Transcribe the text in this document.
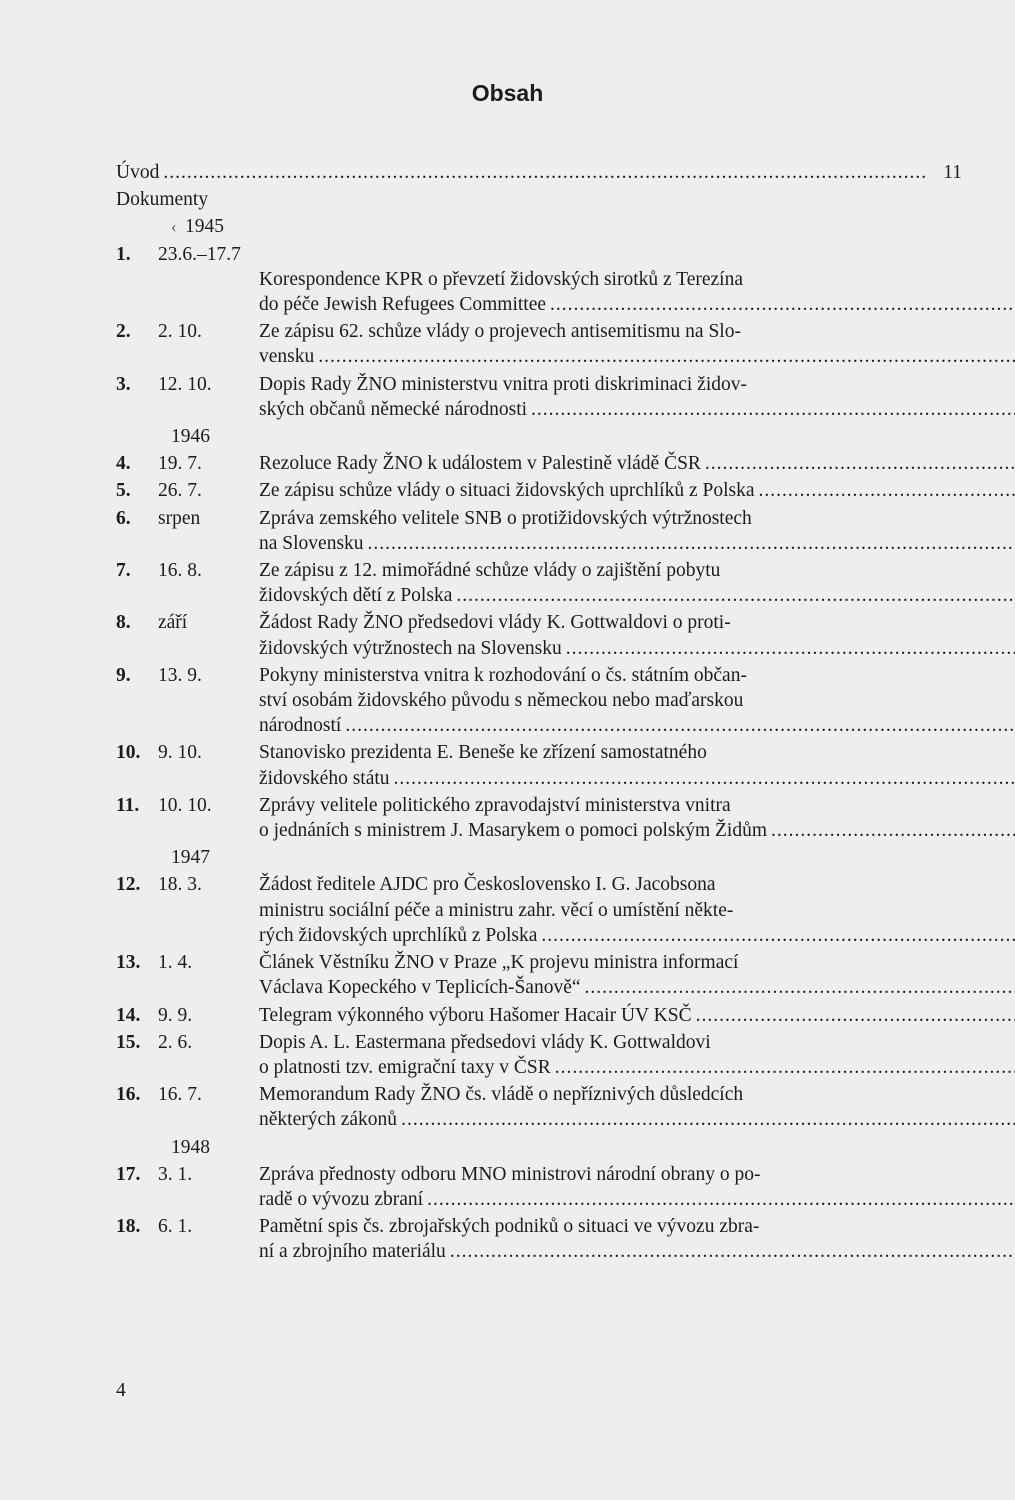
Obsah
Úvod
.....	11
Dokumenty
‹ 1945
1.	23.6.–17.7

Korespondence KPR o převzetí židovských sirotků z Terezína
do péče Jewish Refugees Committee
.....
2.	2. 10.	Ze zápisu 62. schůze vlády o projevech antisemitismu na Slo-
vensku
.....
3.	12. 10.	Dopis Rady ŽNO ministerstvu vnitra proti diskriminaci židov-
ských občanů německé národnosti
.....
1946
4.	19. 7.	Rezoluce Rady ŽNO k událostem v Palestině vládě ČSR
.....
5.	26. 7.	Ze zápisu schůze vlády o situaci židovských uprchlíků z Polska
.....
6.	srpen	Zpráva zemského velitele SNB o protižidovských výtržnostech
na Slovensku
.....
7.	16. 8.	Ze zápisu z 12. mimořádné schůze vlády o zajištění pobytu
židovských dětí z Polska
.....
8.	září	Žádost Rady ŽNO předsedovi vlády K. Gottwaldovi o proti-
židovských výtržnostech na Slovensku
.....
9.	13. 9.	Pokyny ministerstva vnitra k rozhodování o čs. státním občan-
ství osobám židovského původu s německou nebo maďarskou
národností
.....
10. 9. 10.	Stanovisko prezidenta E. Beneše ke zřízení samostatného
židovského státu
.....
11. 10. 10.	Zprávy velitele politického zpravodajství ministerstva vnitra
o jednáních s ministrem J. Masarykem o pomoci polským Židům
.....
1947
12. 18. 3.	Žádost ředitele AJDC pro Československo I. G. Jacobsona
ministru sociální péče a ministru zahr. věcí o umístění někte-
rých židovských uprchlíků z Polska
.....
13. 1. 4.	Článek Věstníku ŽNO v Praze „K projevu ministra informací
Václava Kopeckého v Teplicích-Šanově“
.....
14. 9. 9.	Telegram výkonného výboru Hašomer Hacair ÚV KSČ
.....
15. 2. 6.	Dopis A. L. Eastermana předsedovi vlády K. Gottwaldovi
o platnosti tzv. emigrační taxy v ČSR
.....
16. 16. 7.	Memorandum Rady ŽNO čs. vládě o nepříznivých důsledcích
některých zákonů
.....
1948
17. 3. 1.	Zpráva přednosty odboru MNO ministrovi národní obrany o po-
radě o vývozu zbraní
.....
18. 6. 1.	Pamětní spis čs. zbrojařských podniků o situaci ve vývozu zbra-
ní a zbrojního materiálu
.....
4
